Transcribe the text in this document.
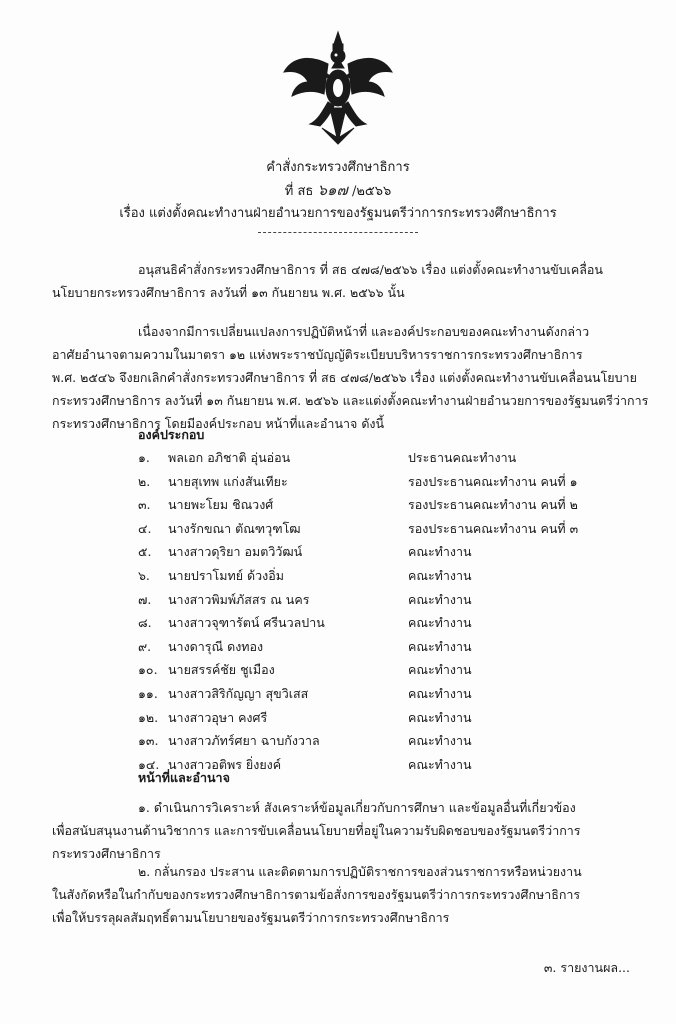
คำสั่งกระทรวงศึกษาธิการ
ที่ สธ ๖๑๗ /๒๕๖๖
เรื่อง แต่งตั้งคณะทำงานฝ่ายอำนวยการของรัฐมนตรีว่าการกระทรวงศึกษาธิการ
อนุสนธิคำสั่งกระทรวงศึกษาธิการ ที่ สธ ๔๗๘/๒๕๖๖ เรื่อง แต่งตั้งคณะทำงานขับเคลื่อน
นโยบายกระทรวงศึกษาธิการ ลงวันที่ ๑๓ กันยายน พ.ศ. ๒๕๖๖ นั้น
เนื่องจากมีการเปลี่ยนแปลงการปฏิบัติหน้าที่ และองค์ประกอบของคณะทำงานดังกล่าว
อาศัยอำนาจตามความในมาตรา ๑๒ แห่งพระราชบัญญัติระเบียบบริหารราชการกระทรวงศึกษาธิการ
พ.ศ. ๒๕๔๖ จึงยกเลิกคำสั่งกระทรวงศึกษาธิการ ที่ สธ ๔๗๘/๒๕๖๖ เรื่อง แต่งตั้งคณะทำงานขับเคลื่อนนโยบาย
กระทรวงศึกษาธิการ ลงวันที่ ๑๓ กันยายน พ.ศ. ๒๕๖๖ และแต่งตั้งคณะทำงานฝ่ายอำนวยการของรัฐมนตรีว่าการ
กระทรวงศึกษาธิการ โดยมีองค์ประกอบ หน้าที่และอำนาจ ดังนี้
องค์ประกอบ
๑. พลเอก อภิชาติ อุ่นอ่อน	ประธานคณะทำงาน
๒. นายสุเทพ แก่งสันเทียะ	รองประธานคณะทำงาน คนที่ ๑
๓. นายพะโยม ชิณวงศ์	รองประธานคณะทำงาน คนที่ ๒
๔. นางรักขณา ตัณฑวุฑโฒ	รองประธานคณะทำงาน คนที่ ๓
๕. นางสาวดุริยา อมตวิวัฒน์	คณะทำงาน
๖. นายปราโมทย์ ด้วงอิ่ม	คณะทำงาน
๗. นางสาวพิมพ์ภัสสร ณ นคร	คณะทำงาน
๘. นางสาวจุฑารัตน์ ศรีนวลปาน	คณะทำงาน
๙. นางดารุณี ดงทอง	คณะทำงาน
๑๐. นายสรรค์ชัย ชูเมือง	คณะทำงาน
๑๑. นางสาวสิริกัญญา สุขวิเสส	คณะทำงาน
๑๒. นางสาวอุษา คงศรี	คณะทำงาน
๑๓. นางสาวภัทร์ศยา ฉาบกังวาล	คณะทำงาน
๑๔. นางสาวอติพร ยิ่งยงค์	คณะทำงาน
หน้าที่และอำนาจ
๑. ดำเนินการวิเคราะห์ สังเคราะห์ข้อมูลเกี่ยวกับการศึกษา และข้อมูลอื่นที่เกี่ยวข้อง
เพื่อสนับสนุนงานด้านวิชาการ และการขับเคลื่อนนโยบายที่อยู่ในความรับผิดชอบของรัฐมนตรีว่าการ
กระทรวงศึกษาธิการ
๒. กลั่นกรอง ประสาน และติดตามการปฏิบัติราชการของส่วนราชการหรือหน่วยงาน
ในสังกัดหรือในกำกับของกระทรวงศึกษาธิการตามข้อสั่งการของรัฐมนตรีว่าการกระทรวงศึกษาธิการ
เพื่อให้บรรลุผลสัมฤทธิ์ตามนโยบายของรัฐมนตรีว่าการกระทรวงศึกษาธิการ
๓. รายงานผล...
